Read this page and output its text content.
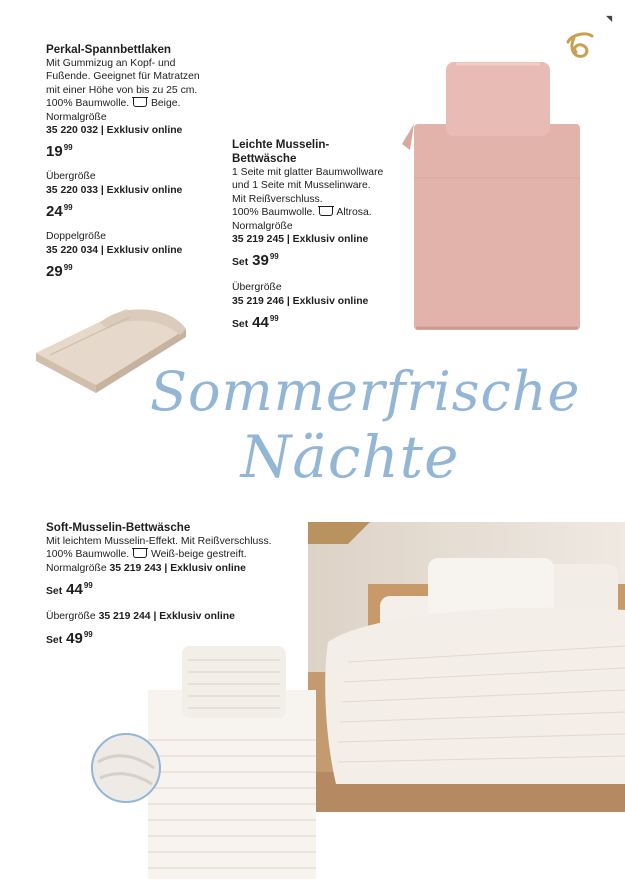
◥
Perkal-Spannbettlaken
Mit Gummizug an Kopf- und
Fußende. Geeignet für Matratzen
mit einer Höhe von bis zu 25 cm.
100% Baumwolle. Beige.
Normalgröße
35 220 032 | Exklusiv online
$19^{99}$
Übergröße
35 220 033 | Exklusiv online
$24^{99}$
Doppelgröße
35 220 034 | Exklusiv online
$29^{99}$
Leichte Musselin-
Bettwäsche
1 Seite mit glatter Baumwollware
und 1 Seite mit Musselinware.
Mit Reißverschluss.
100% Baumwolle. Altrosa.
Normalgröße
35 219 245 | Exklusiv online
Set $39^{99}$
Übergröße
35 219 246 | Exklusiv online
Set $44^{99}$
Sommerfrische
Nächte
Soft-Musselin-Bettwäsche
Mit leichtem Musselin-Effekt. Mit Reißverschluss.
100% Baumwolle. Weiß-beige gestreift.
Normalgröße 35 219 243 | Exklusiv online
Set $44^{99}$
Übergröße 35 219 244 | Exklusiv online
Set $49^{99}$
